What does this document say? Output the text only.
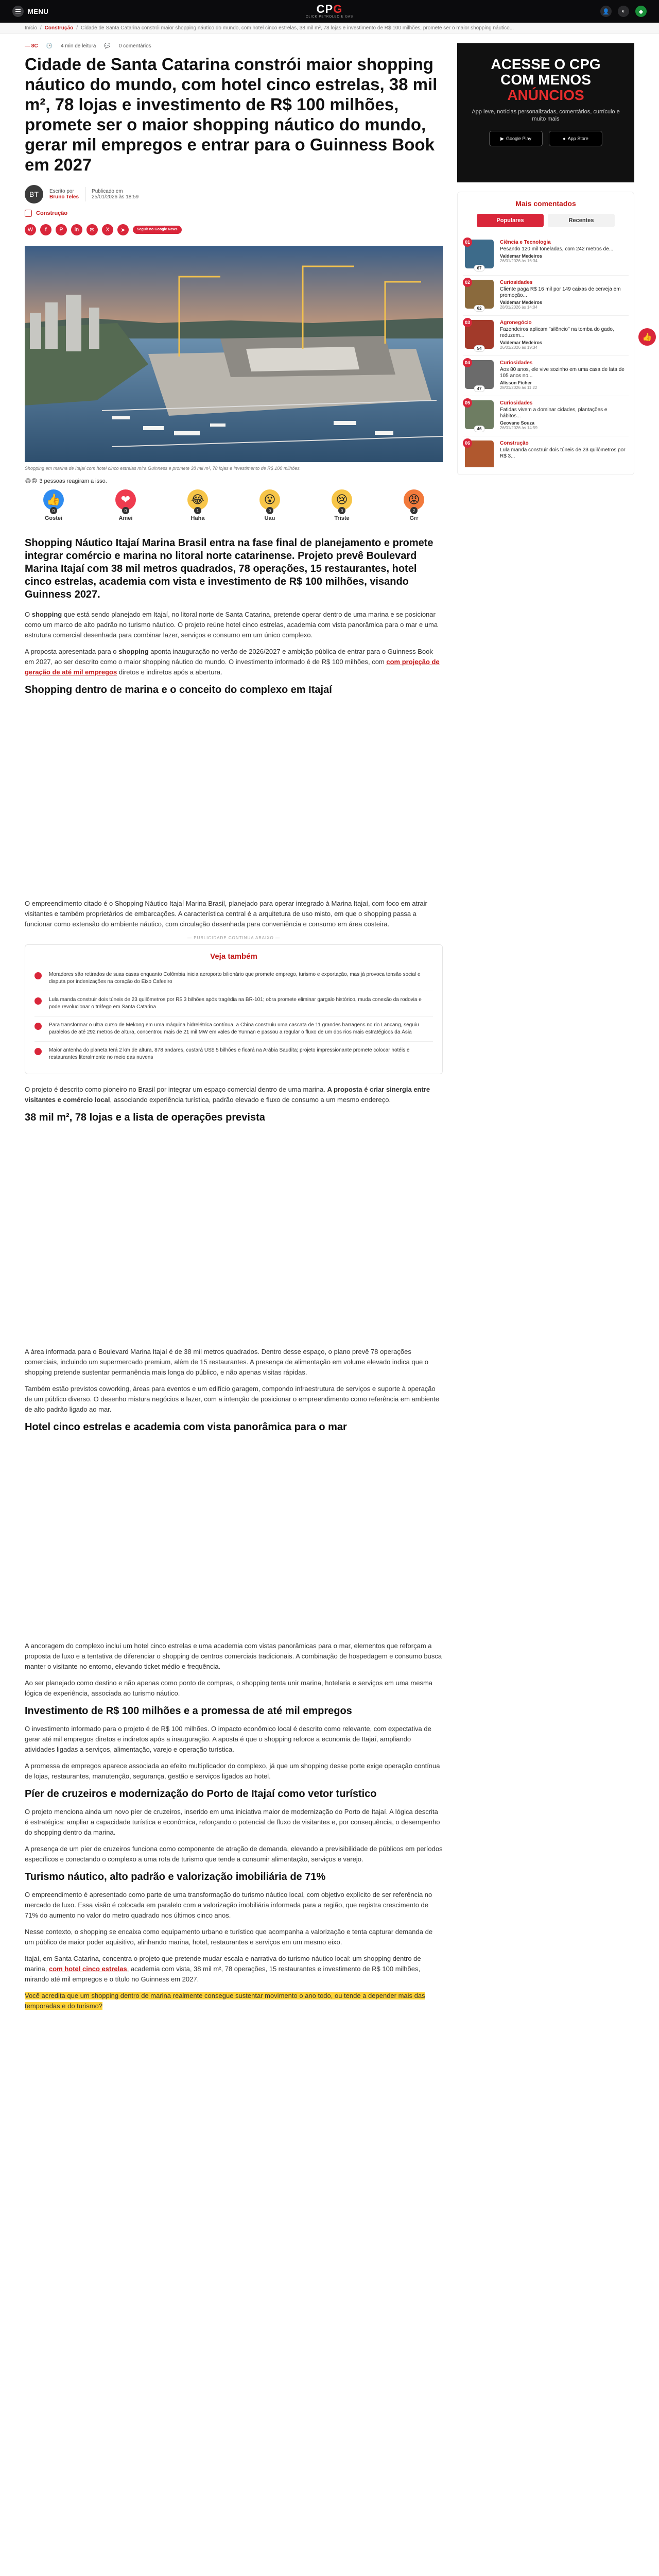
MENU	CPG
CLICK PETROLEO E GAS
👤	◐	◆
Início / Construção / Cidade de Santa Catarina constrói maior shopping náutico do mundo, com hotel cinco estrelas, 38 mil m², 78 lojas e investimento de R$ 100 milhões, promete ser o maior shopping náutico...
— 8C 🕒 4 min de leitura 💬 0 comentários
Cidade de Santa Catarina constrói maior shopping náutico do mundo, com hotel cinco estrelas, 38 mil m², 78 lojas e investimento de R$ 100 milhões, promete ser o maior shopping náutico do mundo, gerar mil empregos e entrar para o Guinness Book em 2027
BT	Escrito por
Bruno Teles
Publicado em
25/01/2026 às 18:59
Construção
W	f	P	in	✉	X	➤	Seguir no Google News
Shopping em marina de Itajaí com hotel cinco estrelas mira Guinness e promete 38 mil m², 78 lojas e investimento de R$ 100 milhões.
😂😡 3 pessoas reagiram a isso.
👍
0
Gostei
❤
0
Amei
😂
1
Haha
😮
0
Uau
😢
0
Triste
😡
2
Grr
Shopping Náutico Itajaí Marina Brasil entra na fase final de planejamento e promete integrar comércio e marina no litoral norte catarinense. Projeto prevê Boulevard Marina Itajaí com 38 mil metros quadrados, 78 operações, 15 restaurantes, hotel cinco estrelas, academia com vista e investimento de R$ 100 milhões, visando Guinness 2027.

O shopping que está sendo planejado em Itajaí, no litoral norte de Santa Catarina, pretende operar dentro de uma marina e se posicionar como um marco de alto padrão no turismo náutico. O projeto reúne hotel cinco estrelas, academia com vista panorâmica para o mar e uma estrutura comercial desenhada para combinar lazer, serviços e consumo em um único complexo.

A proposta apresentada para o shopping aponta inauguração no verão de 2026/2027 e ambição pública de entrar para o Guinness Book em 2027, ao ser descrito como o maior shopping náutico do mundo. O investimento informado é de R$ 100 milhões, com com projeção de geração de até mil empregos diretos e indiretos após a abertura.

Shopping dentro de marina e o conceito do complexo em Itajaí

O empreendimento citado é o Shopping Náutico Itajaí Marina Brasil, planejado para operar integrado à Marina Itajaí, com foco em atrair visitantes e também proprietários de embarcações. A característica central é a arquitetura de uso misto, em que o shopping passa a funcionar como extensão do ambiente náutico, com circulação desenhada para conveniência e consumo em área costeira.

— PUBLICIDADE CONTINUA ABAIXO —
Veja também
Moradores são retirados de suas casas enquanto Colômbia inicia aeroporto bilionário que promete emprego, turismo e exportação, mas já provoca tensão social e disputa por indenizações na coração do Eixo Cafeeiro
Lula manda construir dois túneis de 23 quilômetros por R$ 3 bilhões após tragédia na BR-101; obra promete eliminar gargalo histórico, muda conexão da rodovia e pode revolucionar o tráfego em Santa Catarina
Para transformar o ultra curso de Mekong em uma máquina hidrelétrica contínua, a China construiu uma cascata de 11 grandes barragens no rio Lancang, seguiu paralelos de até 292 metros de altura, concentrou mais de 21 mil MW em vales de Yunnan e passou a regular o fluxo de um dos rios mais estratégicos da Ásia
Maior antenha do planeta terá 2 km de altura, 878 andares, custará US$ 5 bilhões e ficará na Arábia Saudita; projeto impressionante promete colocar hotéis e restaurantes literalmente no meio das nuvens

O projeto é descrito como pioneiro no Brasil por integrar um espaço comercial dentro de uma marina. A proposta é criar sinergia entre visitantes e comércio local, associando experiência turística, padrão elevado e fluxo de consumo a um mesmo endereço.

38 mil m², 78 lojas e a lista de operações prevista

A área informada para o Boulevard Marina Itajaí é de 38 mil metros quadrados. Dentro desse espaço, o plano prevê 78 operações comerciais, incluindo um supermercado premium, além de 15 restaurantes. A presença de alimentação em volume elevado indica que o shopping pretende sustentar permanência mais longa do público, e não apenas visitas rápidas.

Também estão previstos coworking, áreas para eventos e um edifício garagem, compondo infraestrutura de serviços e suporte à operação de um público diverso. O desenho mistura negócios e lazer, com a intenção de posicionar o empreendimento como referência em ambiente de alto padrão ligado ao mar.

Hotel cinco estrelas e academia com vista panorâmica para o mar

A ancoragem do complexo inclui um hotel cinco estrelas e uma academia com vistas panorâmicas para o mar, elementos que reforçam a proposta de luxo e a tentativa de diferenciar o shopping de centros comerciais tradicionais. A combinação de hospedagem e consumo busca manter o visitante no entorno, elevando ticket médio e frequência.

Ao ser planejado como destino e não apenas como ponto de compras, o shopping tenta unir marina, hotelaria e serviços em uma mesma lógica de experiência, associada ao turismo náutico.

Investimento de R$ 100 milhões e a promessa de até mil empregos

O investimento informado para o projeto é de R$ 100 milhões. O impacto econômico local é descrito como relevante, com expectativa de gerar até mil empregos diretos e indiretos após a inauguração. A aposta é que o shopping reforce a economia de Itajaí, ampliando atividades ligadas a serviços, alimentação, varejo e operação turística.

A promessa de empregos aparece associada ao efeito multiplicador do complexo, já que um shopping desse porte exige operação contínua de lojas, restaurantes, manutenção, segurança, gestão e serviços ligados ao hotel.

Píer de cruzeiros e modernização do Porto de Itajaí como vetor turístico

O projeto menciona ainda um novo píer de cruzeiros, inserido em uma iniciativa maior de modernização do Porto de Itajaí. A lógica descrita é estratégica: ampliar a capacidade turística e econômica, reforçando o potencial de fluxo de visitantes e, por consequência, o desempenho do shopping dentro da marina.

A presença de um píer de cruzeiros funciona como componente de atração de demanda, elevando a previsibilidade de públicos em períodos específicos e conectando o complexo a uma rota de turismo que tende a consumir alimentação, serviços e varejo.

Turismo náutico, alto padrão e valorização imobiliária de 71%

O empreendimento é apresentado como parte de uma transformação do turismo náutico local, com objetivo explícito de ser referência no mercado de luxo. Essa visão é colocada em paralelo com a valorização imobiliária informada para a região, que registra crescimento de 71% do aumento no valor do metro quadrado nos últimos cinco anos.

Nesse contexto, o shopping se encaixa como equipamento urbano e turístico que acompanha a valorização e tenta capturar demanda de um público de maior poder aquisitivo, alinhando marina, hotel, restaurantes e serviços em um mesmo eixo.

Itajaí, em Santa Catarina, concentra o projeto que pretende mudar escala e narrativa do turismo náutico local: um shopping dentro de marina, com hotel cinco estrelas, academia com vista, 38 mil m², 78 operações, 15 restaurantes e investimento de R$ 100 milhões, mirando até mil empregos e o título no Guinness em 2027.

Você acredita que um shopping dentro de marina realmente consegue sustentar movimento o ano todo, ou tende a depender mais das temporadas e do turismo?

ACESSE O CPG
COM MENOS
ANÚNCIOS
App leve, notícias personalizadas, comentários, currículo e muito mais
▶ Google Play	● App Store
Mais comentados
Populares	Recentes
01
67
Ciência e Tecnologia
Pesando 120 mil toneladas, com 242 metros de...
Valdemar Medeiros
26/01/2026 às 16:34
02
62
Curiosidades
Cliente paga R$ 16 mil por 149 caixas de cerveja em promoção...
Valdemar Medeiros
28/01/2026 às 14:04
03
54
Agronegócio
Fazendeiros aplicam "silêncio" na tomba do gado, reduzem...
Valdemar Medeiros
26/01/2026 às 19:34
04
47
Curiosidades
Aos 80 anos, ele vive sozinho em uma casa de lata de 105 anos no...
Alisson Ficher
28/01/2026 às 11:22
05
46
Curiosidades
Fatidas vivem a dominar cidades, plantações e hábitos...
Geovane Souza
26/01/2026 às 14:59
06	Construção
Lula manda construir dois túneis de 23 quilômetros por R$ 3...
👍
